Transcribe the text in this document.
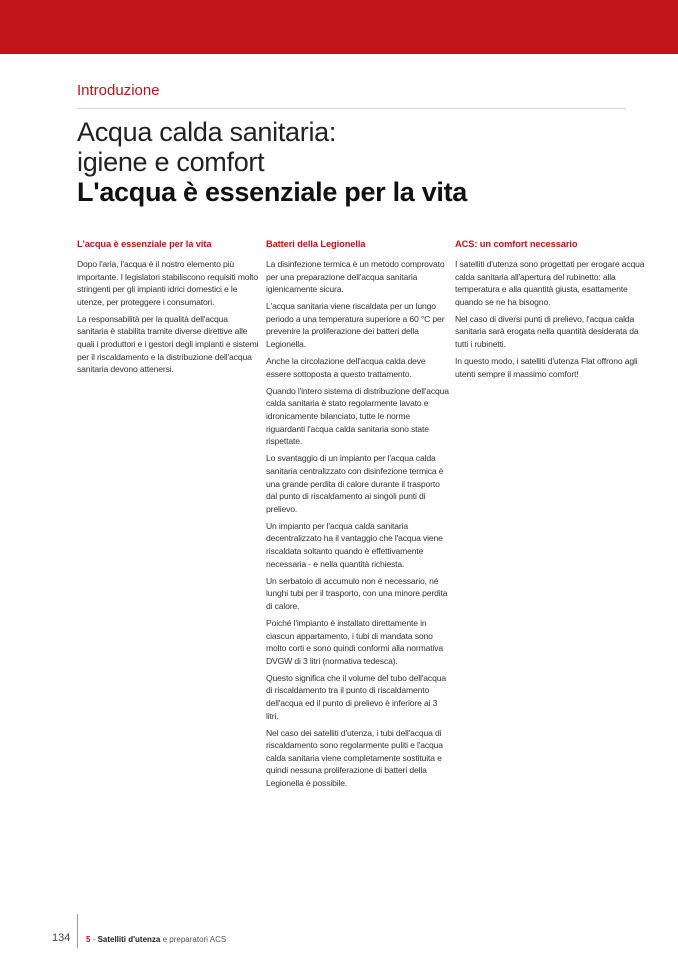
Introduzione
Acqua calda sanitaria:
igiene e comfort
L'acqua è essenziale per la vita
L'acqua è essenziale per la vita

Dopo l'aria, l'acqua è il nostro elemento più importante. I legislatori stabiliscono requisiti molto stringenti per gli impianti idrici domestici e le utenze, per proteggere i consumatori.

La responsabilità per la qualità dell'acqua sanitaria è stabilita tramite diverse direttive alle quali i produttori e i gestori degli impianti e sistemi per il riscaldamento e la distribuzione dell'acqua sanitaria devono attenersi.

Batteri della Legionella

La disinfezione termica è un metodo comprovato per una preparazione dell'acqua sanitaria igienicamente sicura.

L'acqua sanitaria viene riscaldata per un lungo periodo a una temperatura superiore a 60 °C per prevenire la proliferazione dei batteri della Legionella.

Anche la circolazione dell'acqua calda deve essere sottoposta a questo trattamento.

Quando l'intero sistema di distribuzione dell'acqua calda sanitaria è stato regolarmente lavato e idronicamente bilanciato, tutte le norme riguardanti l'acqua calda sanitaria sono state rispettate.

Lo svantaggio di un impianto per l'acqua calda sanitaria centralizzato con disinfezione termica è una grande perdita di calore durante il trasporto dal punto di riscaldamento ai singoli punti di prelievo.

Un impianto per l'acqua calda sanitaria decentralizzato ha il vantaggio che l'acqua viene riscaldata soltanto quando è effettivamente necessaria - e nella quantità richiesta.

Un serbatoio di accumulo non è necessario, né lunghi tubi per il trasporto, con una minore perdita di calore.

Poiché l'impianto è installato direttamente in ciascun appartamento, i tubi di mandata sono molto corti e sono quindi conformi alla normativa DVGW di 3 litri (normativa tedesca).

Questo significa che il volume del tubo dell'acqua di riscaldamento tra il punto di riscaldamento dell'acqua ed il punto di prelievo è inferiore ai 3 litri.

Nel caso dei satelliti d'utenza, i tubi dell'acqua di riscaldamento sono regolarmente puliti e l'acqua calda sanitaria viene completamente sostituita e quindi nessuna proliferazione di batteri della Legionella è possibile.

ACS: un comfort necessario

I satelliti d'utenza sono progettati per erogare acqua calda sanitaria all'apertura del rubinetto: alla temperatura e alla quantità giusta, esattamente quando se ne ha bisogno.

Nel caso di diversi punti di prelievo, l'acqua calda sanitaria sarà erogata nella quantità desiderata da tutti i rubinetti.

In questo modo, i satelliti d'utenza Flat offrono agli utenti sempre il massimo comfort!

134 5 - Satelliti d'utenza e preparatori ACS
